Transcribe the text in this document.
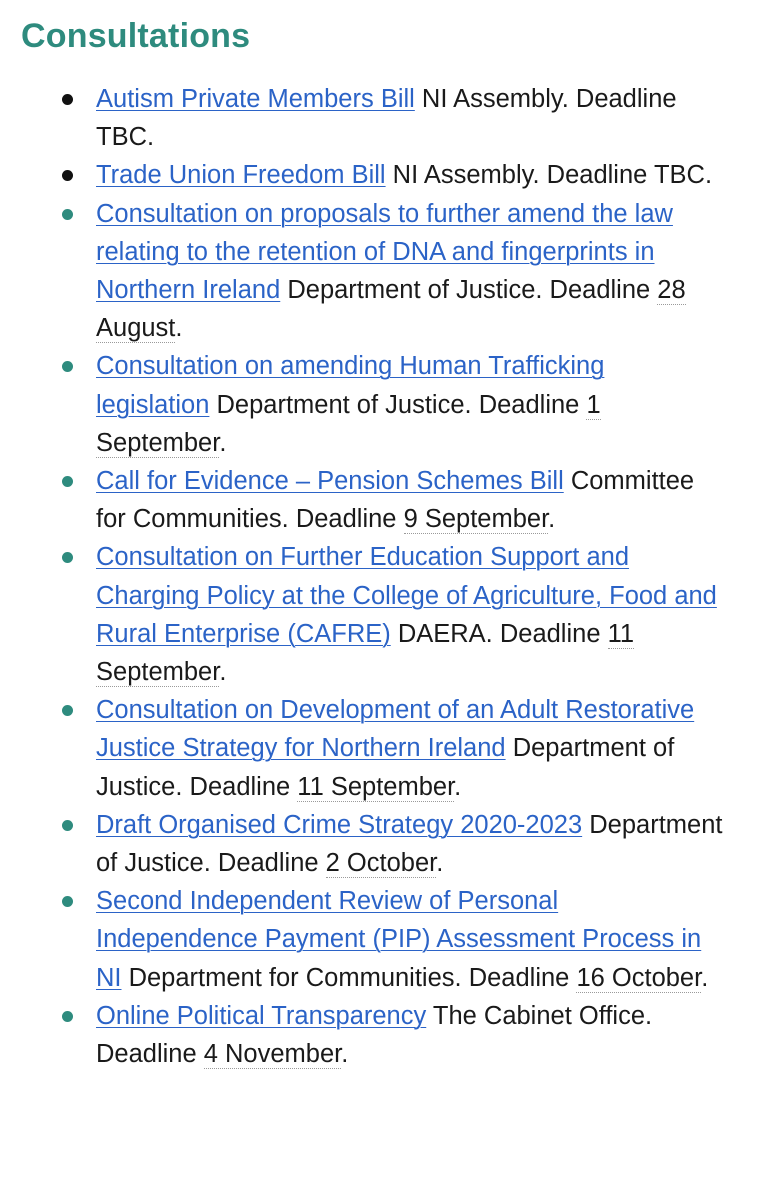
Consultations
Autism Private Members Bill NI Assembly. Deadline TBC.
Trade Union Freedom Bill NI Assembly. Deadline TBC.
Consultation on proposals to further amend the law relating to the retention of DNA and fingerprints in Northern Ireland Department of Justice. Deadline 28 August.
Consultation on amending Human Trafficking legislation Department of Justice. Deadline 1 September.
Call for Evidence – Pension Schemes Bill Committee for Communities. Deadline 9 September.
Consultation on Further Education Support and Charging Policy at the College of Agriculture, Food and Rural Enterprise (CAFRE) DAERA. Deadline 11 September.
Consultation on Development of an Adult Restorative Justice Strategy for Northern Ireland Department of Justice. Deadline 11 September.
Draft Organised Crime Strategy 2020-2023 Department of Justice. Deadline 2 October.
Second Independent Review of Personal Independence Payment (PIP) Assessment Process in NI Department for Communities. Deadline 16 October.
Online Political Transparency The Cabinet Office. Deadline 4 November.
